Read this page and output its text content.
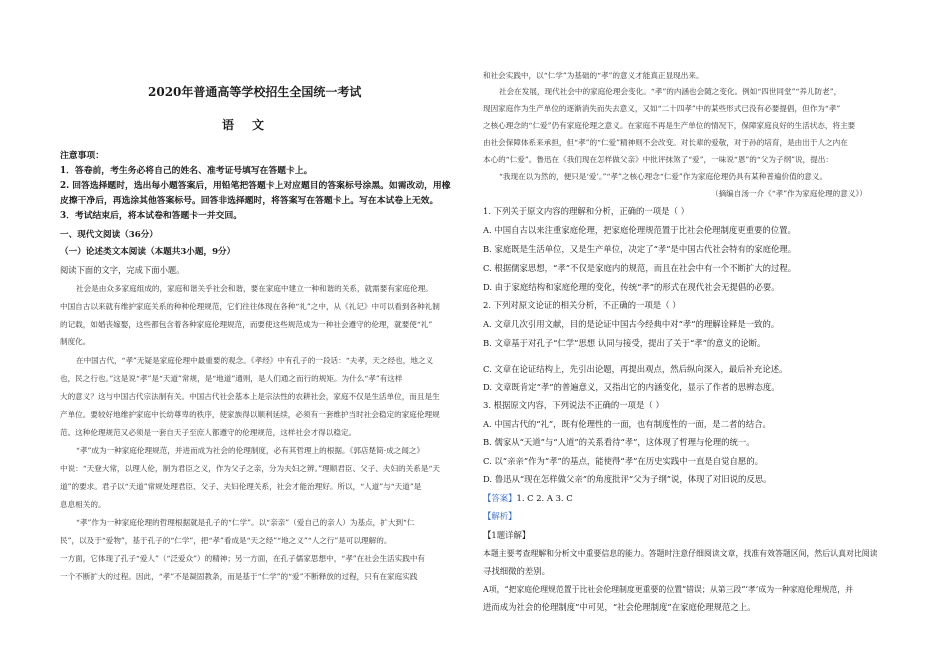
2020年普通高等学校招生全国统一考试
语文
注意事项：
1．答卷前，考生务必将自己的姓名、准考证号填写在答题卡上。
2. 回答选择题时，选出每小题答案后，用铅笔把答题卡上对应题目的答案标号涂黑。如需改动，用橡
皮擦干净后，再选涂其他答案标号。回答非选择题时，将答案写在答题卡上。写在本试卷上无效。
3．考试结束后，将本试卷和答题卡一并交回。
一、现代文阅读（36分）
（一）论述类文本阅读（本题共3小题，9分）
阅读下面的文字，完成下面小题。
社会是由众多家庭组成的，家庭和谐关乎社会和谐，要在家庭中建立一种和谐的关系，就需要有家庭伦理。
中国自古以来就有维护家庭关系的种种伦理规范，它们往往体现在各种“礼”之中，从《礼记》中可以看到各种礼制
的记载，如婚丧嫁娶，这些都包含着各种家庭伦理规范，而要使这些规范成为一种社会遵守的伦理，就要使“礼”
制度化。
在中国古代，“孝”无疑是家庭伦理中最重要的观念。《孝经》中有孔子的一段话：“夫孝，天之经也，地之义
也，民之行也。”这是说“孝”是“天道”常规，是“地道”通则，是人们通之而行的规矩。为什么“孝”有这样
大的意义？这与中国古代宗法制有关。中国古代社会基本上是宗法性的农耕社会，家庭不仅是生活单位，而且是生
产单位。要较好地维护家庭中长幼尊卑的秩序，使家族得以顺利延续，必须有一套维护当时社会稳定的家庭伦理规
范。这种伦理规范又必须是一套自天子至庶人都遵守的伦理规范，这样社会才得以稳定。
“孝”成为一种家庭伦理规范，并进而成为社会的伦理制度，必有其哲理上的根据。《郭店楚简·成之闻之》
中说：“天登大常，以理人伦，制为君臣之义，作为父子之亲，分为夫妇之辨。”理顺君臣、父子、夫妇的关系是“天
道”的要求。君子以“天道”常规处理君臣、父子、夫妇伦理关系，社会才能治理好。所以，“人道”与“天道”是
息息相关的。
“孝”作为一种家庭伦理的哲理根据就是孔子的“仁学”。以“亲亲”（爱自己的亲人）为基点，扩大到“仁
民”，以及于“爱物”，基于孔子的“仁学”，把“孝”看成是“天之经”“地之义”“人之行”是可以理解的。
一方面，它体现了孔子“爱人”（“泛爱众”）的精神；另一方面，在孔子儒家思想中，“孝”在社会生活实践中有
一个不断扩大的过程。因此，“孝”不是凝固教条，而是基于“仁学”的“爱”不断释放的过程，只有在家庭实践
和社会实践中，以“仁学”为基础的“孝”的意义才能真正显现出来。
社会在发展，现代社会中的家庭伦理会变化。“孝”的内涵也会随之变化。例如“四世同堂”“养儿防老”，
现因家庭作为生产单位的逐渐消失而失去意义，又如“二十四孝”中的某些形式已没有必要提倡，但作为“孝”
之核心理念的“仁爱”仍有家庭伦理之意义。在家庭不再是生产单位的情况下，保障家庭良好的生活状态，将主要
由社会保障体系来承担，但“孝”的“仁爱”精神则不会改变。对长辈的爱敬，对于孙的培育，是由出于人之内在
本心的“仁爱”。鲁迅在《我们现在怎样做父亲》中批评抹煞了“爱”，一味说“恩”的“父为子纲”说，提出：
“我现在以为然的，便只是‘爱’。”“孝”之核心理念“仁爱”作为家庭伦理仍具有某种普遍价值的意义。
（摘编自汤一介《“孝”作为家庭伦理的意义》）
1. 下列关于原文内容的理解和分析，正确的一项是（ ）
A. 中国自古以来注重家庭伦理，把家庭伦理规范置于比社会伦理制度更重要的位置。
B. 家庭既是生活单位，又是生产单位，决定了“孝”是中国古代社会特有的家庭伦理。
C. 根据儒家思想，“孝”不仅是家庭内的规范，而且在社会中有一个不断扩大的过程。
D. 由于家庭结构和家庭伦理的变化，传统“孝”的形式在现代社会无提倡的必要。
2. 下列对原文论证的相关分析，不正确的一项是（ ）
A. 文章几次引用文献，目的是论证中国古今经典中对“孝”的理解诠释是一致的。
B. 文章基于对孔子“仁学”思想 认同与接受，提出了关于“孝”的意义的论断。
C. 文章在论证结构上，先引出论题，再提出观点，然后纵向深入，最后补充论述。
D. 文章既肯定“孝”的普遍意义，又指出它的内涵变化，显示了作者的思辨态度。
3. 根据原文内容，下列说法不正确的一项是（ ）
A. 中国古代的“礼”，既有伦理性的一面，也有制度性的一面，是二者的结合。
B. 儒家从“天道”与“人道”的关系看待“孝”，这体现了哲理与伦理的统一。
C. 以“亲亲”作为“孝”的基点，能使得“孝”在历史实践中一直是自觉自愿的。
D. 鲁迅从“现在怎样做父亲”的角度批评“父为子纲”说，体现了对旧说的反思。
【答案】1. C 2. A 3. C
【解析】
【1题详解】
本题主要考查理解和分析文中重要信息的能力。答题时注意仔细阅读文章，找准有效答题区间，然后认真对比阅读
寻找细微的差别。
A项，“把家庭伦理规范置于比社会伦理制度更重要的位置”错误；从第三段“‘孝’成为一种家庭伦理规范，并
进而成为社会的伦理制度”中可见，“社会伦理制度”在家庭伦理规范之上。
